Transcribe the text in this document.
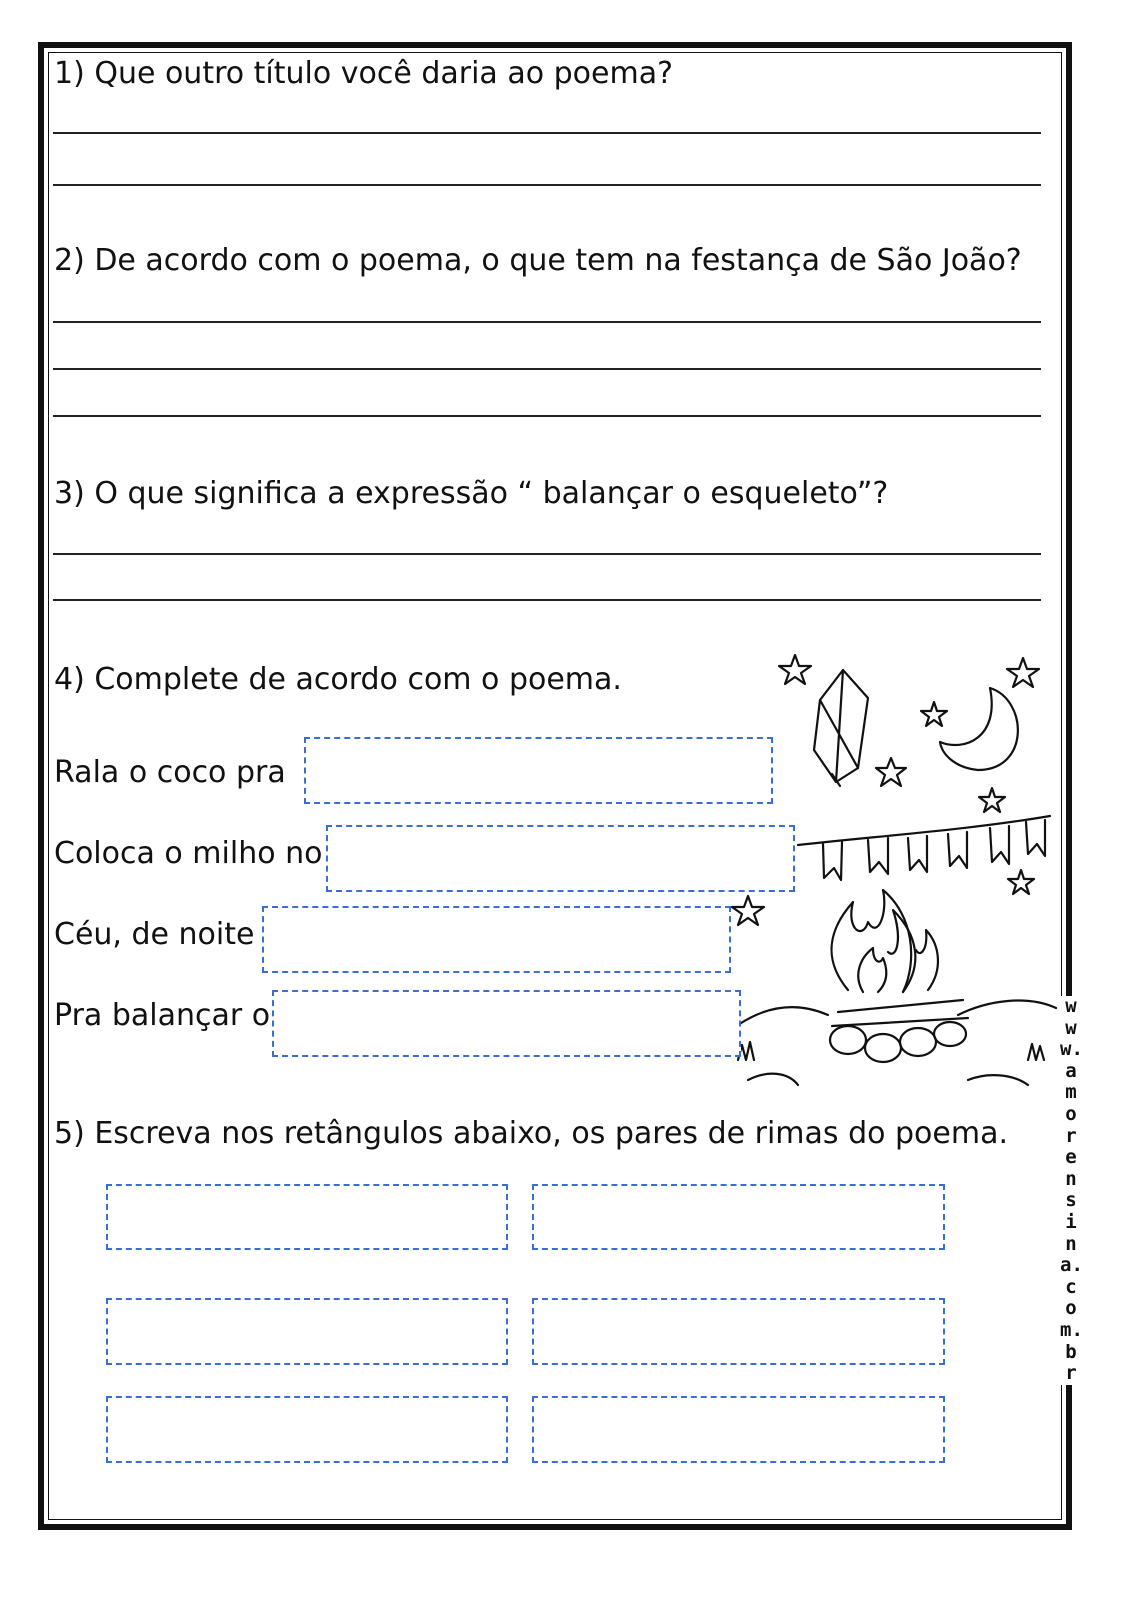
1) Que outro título você daria ao poema?
2) De acordo com o poema, o que tem na festança de São João?
3) O que significa a expressão “ balançar o esqueleto”?
4) Complete de acordo com o poema.
Rala o coco pra
Coloca o milho no
Céu, de noite
Pra balançar o
5) Escreva nos retângulos abaixo, os pares de rimas do poema.
www.amorensina.com.br
